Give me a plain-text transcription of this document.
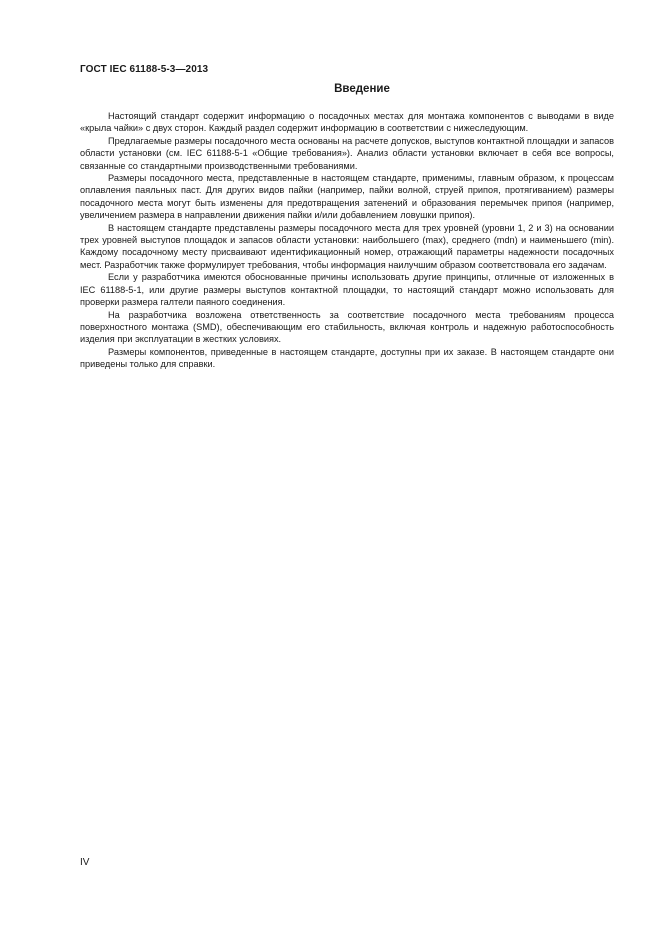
ГОСТ IEC 61188-5-3—2013
Введение

Настоящий стандарт содержит информацию о посадочных местах для монтажа компонентов с выводами в виде «крыла чайки» с двух сторон. Каждый раздел содержит информацию в соответствии с нижеследующим.

Предлагаемые размеры посадочного места основаны на расчете допусков, выступов контактной площадки и запасов области установки (см. IEC 61188-5-1 «Общие требования»). Анализ области установки включает в себя все вопросы, связанные со стандартными производственными требованиями.

Размеры посадочного места, представленные в настоящем стандарте, применимы, главным образом, к процессам оплавления паяльных паст. Для других видов пайки (например, пайки волной, струей припоя, протягиванием) размеры посадочного места могут быть изменены для предотвращения затенений и образования перемычек припоя (например, увеличением размера в направлении движения пайки и/или добавлением ловушки припоя).

В настоящем стандарте представлены размеры посадочного места для трех уровней (уровни 1, 2 и 3) на основании трех уровней выступов площадок и запасов области установки: наибольшего (max), среднего (mdn) и наименьшего (min). Каждому посадочному месту присваивают идентификационный номер, отражающий параметры надежности посадочных мест. Разработчик также формулирует требования, чтобы информация наилучшим образом соответствовала его задачам.

Если у разработчика имеются обоснованные причины использовать другие принципы, отличные от изложенных в IEC 61188-5-1, или другие размеры выступов контактной площадки, то настоящий стандарт можно использовать для проверки размера галтели паяного соединения.

На разработчика возложена ответственность за соответствие посадочного места требованиям процесса поверхностного монтажа (SMD), обеспечивающим его стабильность, включая контроль и надежную работоспособность изделия при эксплуатации в жестких условиях.

Размеры компонентов, приведенные в настоящем стандарте, доступны при их заказе. В настоящем стандарте они приведены только для справки.

IV
